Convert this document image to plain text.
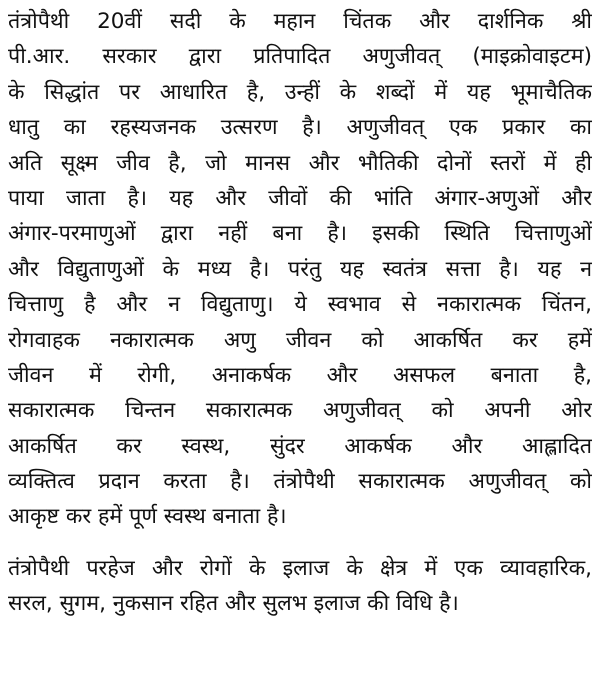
तंत्रोपैथी 20वीं सदी के महान चिंतक और दार्शनिक श्री
पी.आर. सरकार द्वारा प्रतिपादित अणुजीवत् (माइक्रोवाइटम)
के सिद्धांत पर आधारित है, उन्हीं के शब्दों में यह भूमाचैतिक
धातु का रहस्यजनक उत्सरण है। अणुजीवत् एक प्रकार का
अति सूक्ष्म जीव है, जो मानस और भौतिकी दोनों स्तरों में ही
पाया जाता है। यह और जीवों की भांति अंगार-अणुओं और
अंगार-परमाणुओं द्वारा नहीं बना है। इसकी स्थिति चित्ताणुओं
और विद्युताणुओं के मध्य है। परंतु यह स्वतंत्र सत्ता है। यह न
चित्ताणु है और न विद्युताणु। ये स्वभाव से नकारात्मक चिंतन,
रोगवाहक नकारात्मक अणु जीवन को आकर्षित कर हमें
जीवन में रोगी, अनाकर्षक और असफल बनाता है,
सकारात्मक चिन्तन सकारात्मक अणुजीवत् को अपनी ओर
आकर्षित कर स्वस्थ, सुंदर आकर्षक और आह्लादित
व्यक्तित्व प्रदान करता है। तंत्रोपैथी सकारात्मक अणुजीवत् को
आकृष्ट कर हमें पूर्ण स्वस्थ बनाता है।
तंत्रोपैथी परहेज और रोगों के इलाज के क्षेत्र में एक व्यावहारिक,
सरल, सुगम, नुकसान रहित और सुलभ इलाज की विधि है।
